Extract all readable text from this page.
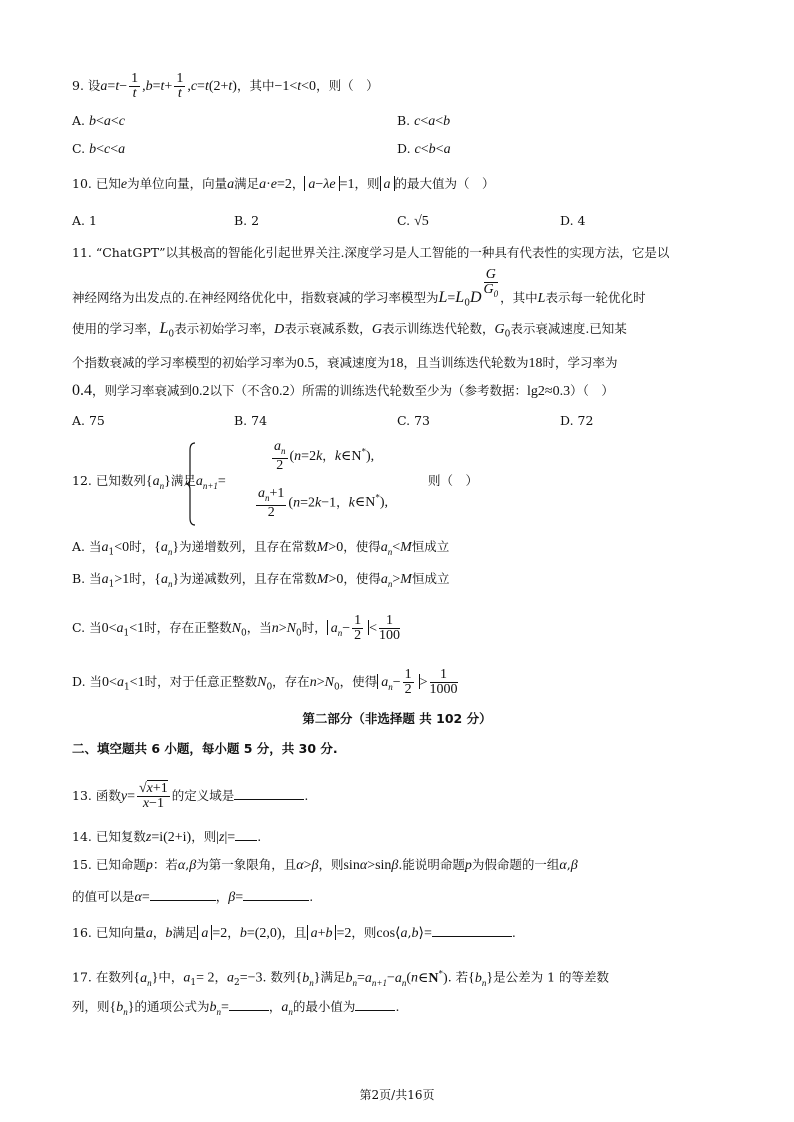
9. 设$a=t- \frac{1}{t} ,b=t+ \frac{1}{t} ,c=t(2+t)$，其中−1<t<0，则（　）
A. b<a<c	B. c<a<b
C. b<c<a	D. c<b<a
10. 已知e为单位向量，向量a满足a·e=2， a−λe =1，则 a 的最大值为（　）
A. 1	B. 2	C. √5	D. 4
11. “ChatGPT”以其极高的智能化引起世界关注.深度学习是人工智能的一种具有代表性的实现方法，它是以
神经网络为出发点的.在神经网络优化中，指数衰减的学习率模型为$L=L_0D$ $^{\frac{G}{G_0}}$ ，其中L表示每一轮优化时
使用的学习率，$L_0$表示初始学习率，D表示衰减系数，G表示训练迭代轮数，$G_0$表示衰减速度.已知某
个指数衰减的学习率模型的初始学习率为0.5，衰减速度为18，且当训练迭代轮数为18时，学习率为
0.4，则学习率衰减到0.2以下（不含0.2）所需的训练迭代轮数至少为（参考数据：lg2≈0.3）（　）
A. 75	B. 74	C. 73	D. 72
12. 已知数列$\{a_n\}$满足$a_{n+1}=$
$\frac{a_n}{2} (n=2k$，k∈N*),
$\frac{a_n+1}{2} (n=2k-1$，k∈N*),
则（　）
A. 当$a_1<0$时，$\{a_n\}$为递增数列，且存在常数M>0，使得$a_n<M$恒成立
B. 当$a_1>1$时，$\{a_n\}$为递减数列，且存在常数M>0，使得$a_n>M$恒成立
C. 当$0<a_1<1$时，存在正整数$N_0$，当$n>N_0$时， $a_n- \frac{1}{2} < \frac{1}{100}$
D. 当$0<a_1<1$时，对于任意正整数$N_0$，存在$n>N_0$，使得 $a_n- \frac{1}{2} > \frac{1}{1000}$
第二部分（非选择题 共 102 分）
二、填空题共 6 小题，每小题 5 分，共 30 分.
13. 函数$y= \frac{√x+1}{x-1}$ 的定义域是	.
14. 已知复数z=i(2+i)，则|z|= .
15. 已知命题p：若α,β为第一象限角，且α>β，则sinα>sinβ.能说明命题p为假命题的一组α,β
的值可以是α=	，β=	.
16. 已知向量a，b满足 a =2，b=(2,0)，且 a+b =2，则cos⟨a,b⟩=	.
17. 在数列$\{a_n\}$中，$a_1= 2$，$a_2=-3$. 数列$\{b_n\}$满足$b_n=a_{n+1}-a_n(n\in N^*)$. 若$\{b_n\}$是公差为 1 的等差数
列，则$\{b_n\}$的通项公式为$b_n=$	，$a_n$的最小值为	.
第2页/共16页
